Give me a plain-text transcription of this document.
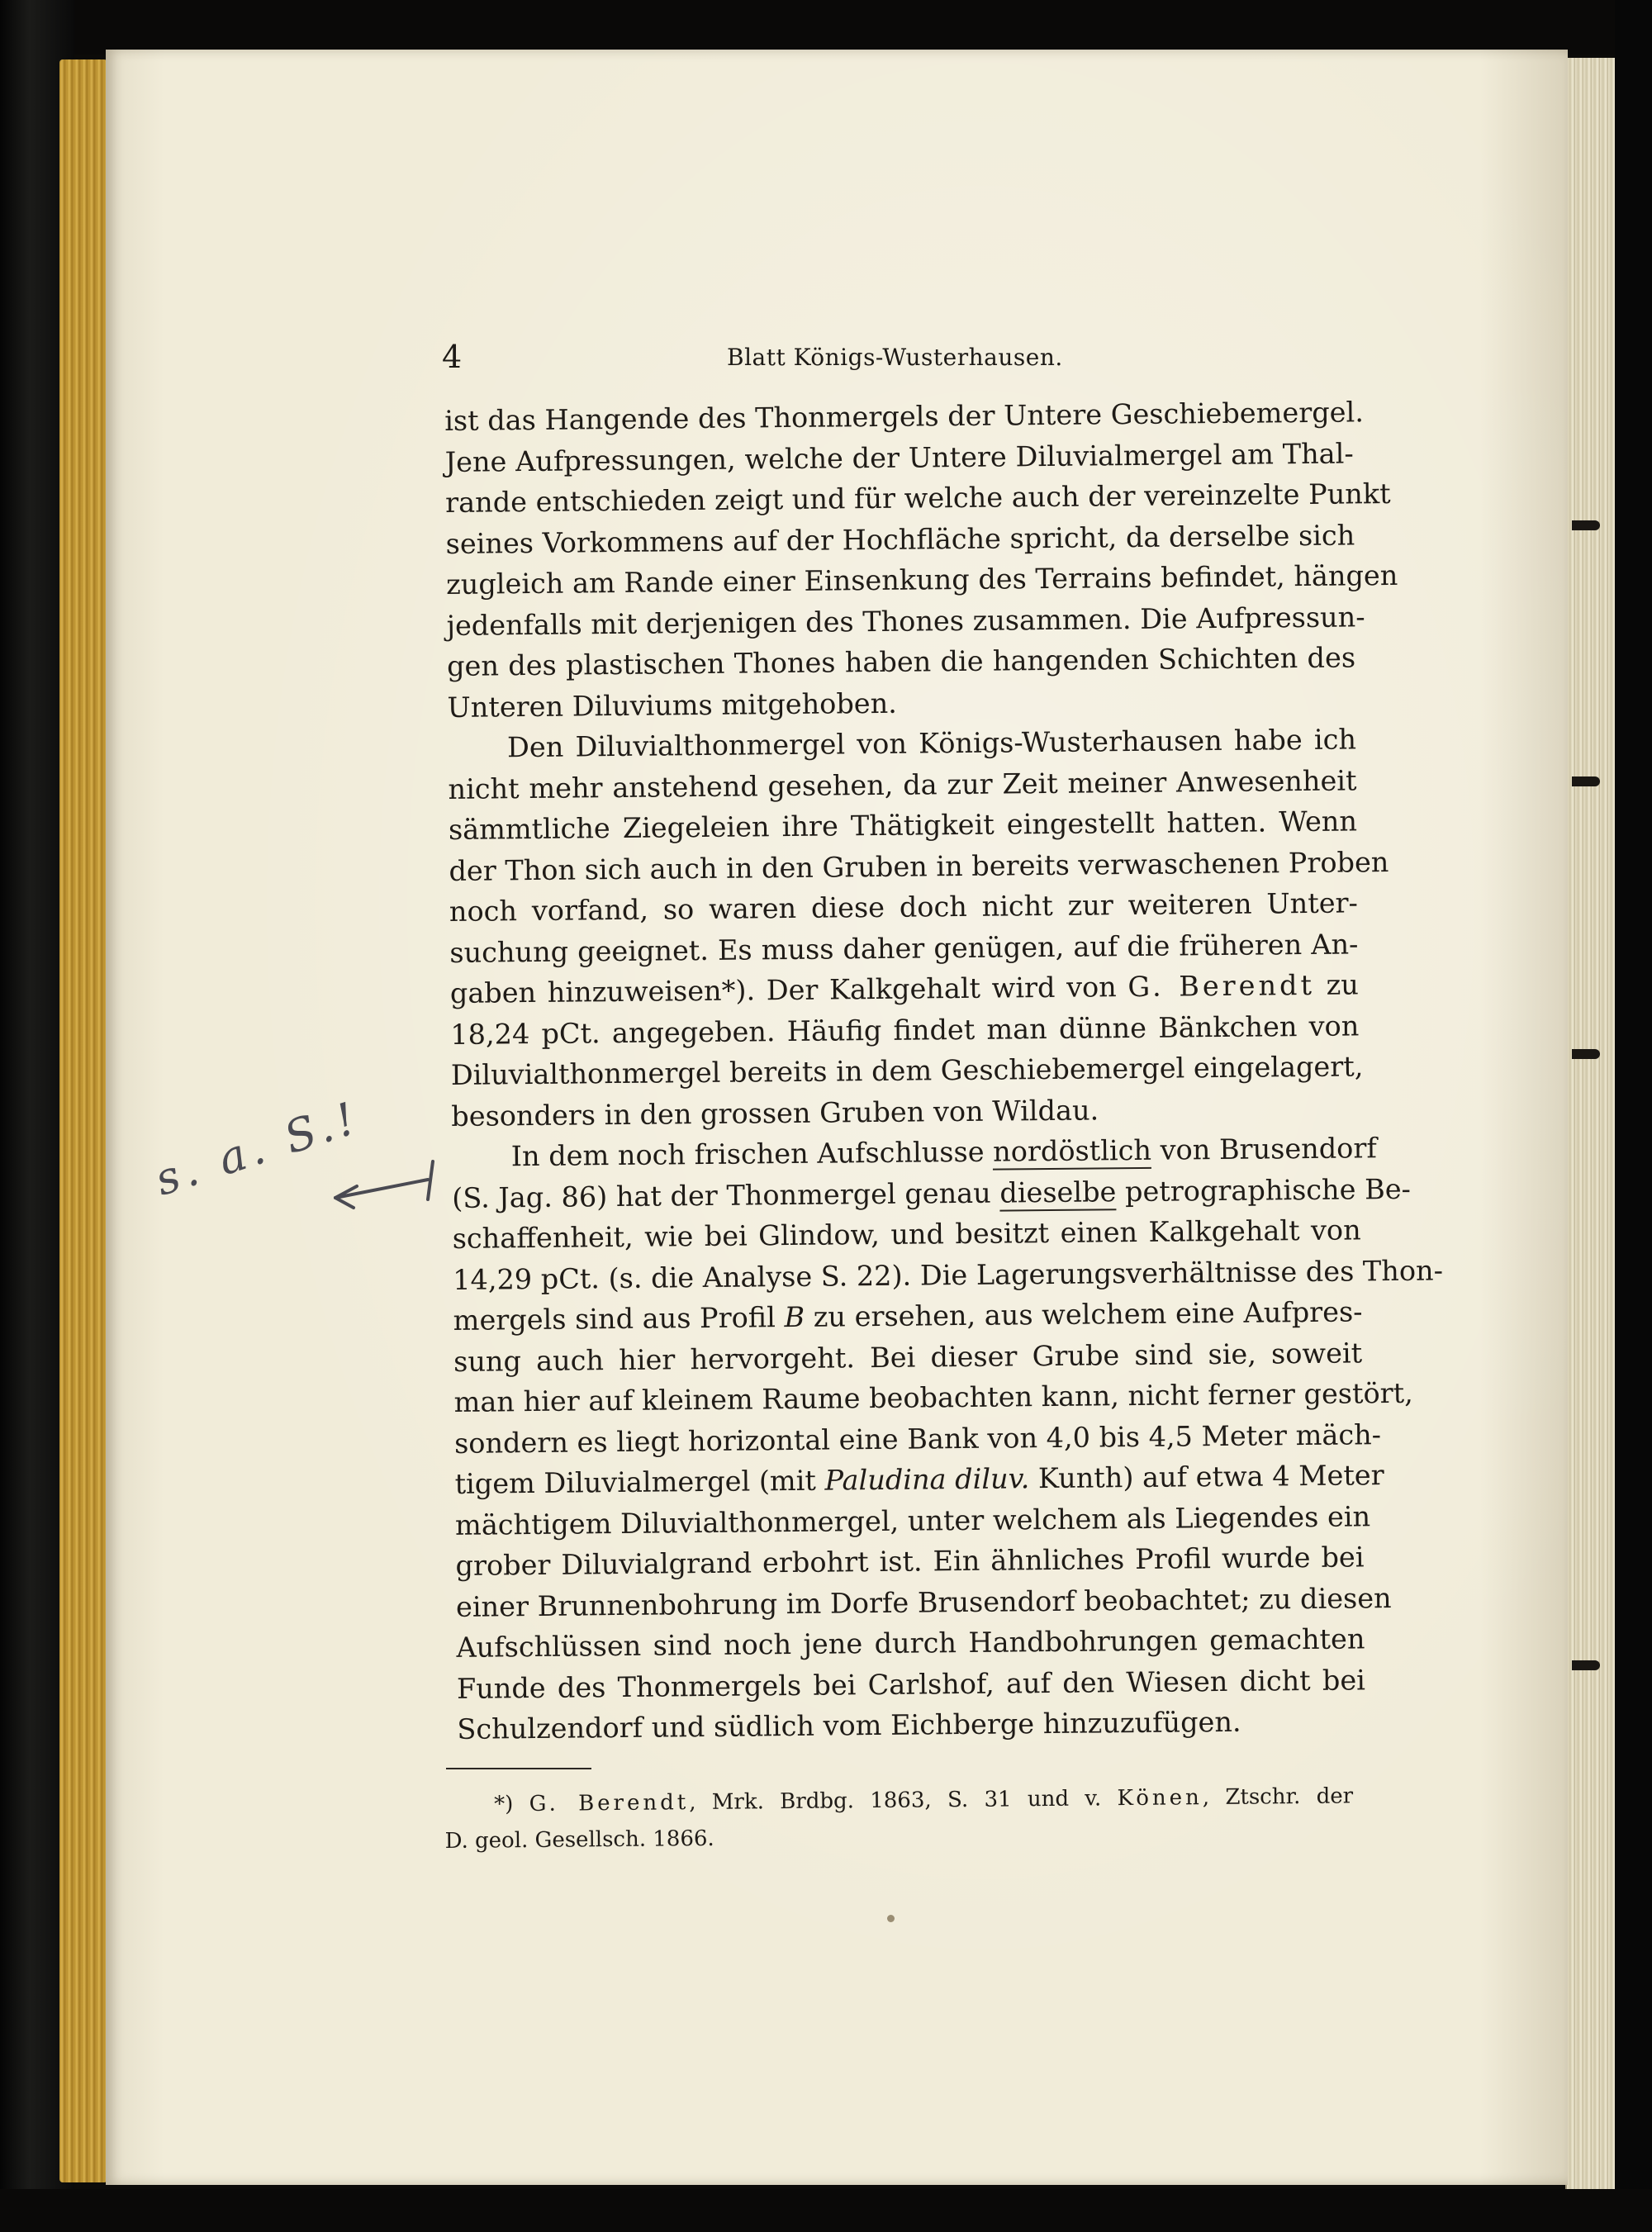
4	Blatt Königs-Wusterhausen.
ist das Hangende des Thonmergels der Untere Geschiebemergel.
Jene Aufpressungen, welche der Untere Diluvialmergel am Thal-
rande entschieden zeigt und für welche auch der vereinzelte Punkt
seines Vorkommens auf der Hochfläche spricht, da derselbe sich
zugleich am Rande einer Einsenkung des Terrains befindet, hängen
jedenfalls mit derjenigen des Thones zusammen. Die Aufpressun-
gen des plastischen Thones haben die hangenden Schichten des
Unteren Diluviums mitgehoben.
Den Diluvialthonmergel von Königs-Wusterhausen habe ich
nicht mehr anstehend gesehen, da zur Zeit meiner Anwesenheit
sämmtliche Ziegeleien ihre Thätigkeit eingestellt hatten. Wenn
der Thon sich auch in den Gruben in bereits verwaschenen Proben
noch vorfand, so waren diese doch nicht zur weiteren Unter-
suchung geeignet. Es muss daher genügen, auf die früheren An-
gaben hinzuweisen*). Der Kalkgehalt wird von G. Berendt zu
18,24 pCt. angegeben. Häufig findet man dünne Bänkchen von
Diluvialthonmergel bereits in dem Geschiebemergel eingelagert,
besonders in den grossen Gruben von Wildau.
In dem noch frischen Aufschlusse nordöstlich von Brusendorf
(S. Jag. 86) hat der Thonmergel genau dieselbe petrographische Be-
schaffenheit, wie bei Glindow, und besitzt einen Kalkgehalt von
14,29 pCt. (s. die Analyse S. 22). Die Lagerungsverhältnisse des Thon-
mergels sind aus Profil B zu ersehen, aus welchem eine Aufpres-
sung auch hier hervorgeht. Bei dieser Grube sind sie, soweit
man hier auf kleinem Raume beobachten kann, nicht ferner gestört,
sondern es liegt horizontal eine Bank von 4,0 bis 4,5 Meter mäch-
tigem Diluvialmergel (mit Paludina diluv. Kunth) auf etwa 4 Meter
mächtigem Diluvialthonmergel, unter welchem als Liegendes ein
grober Diluvialgrand erbohrt ist. Ein ähnliches Profil wurde bei
einer Brunnenbohrung im Dorfe Brusendorf beobachtet; zu diesen
Aufschlüssen sind noch jene durch Handbohrungen gemachten
Funde des Thonmergels bei Carlshof, auf den Wiesen dicht bei
Schulzendorf und südlich vom Eichberge hinzuzufügen.
*) G. Berendt, Mrk. Brdbg. 1863, S. 31 und v. Könen, Ztschr. der
D. geol. Gesellsch. 1866.
s. a. S.!
